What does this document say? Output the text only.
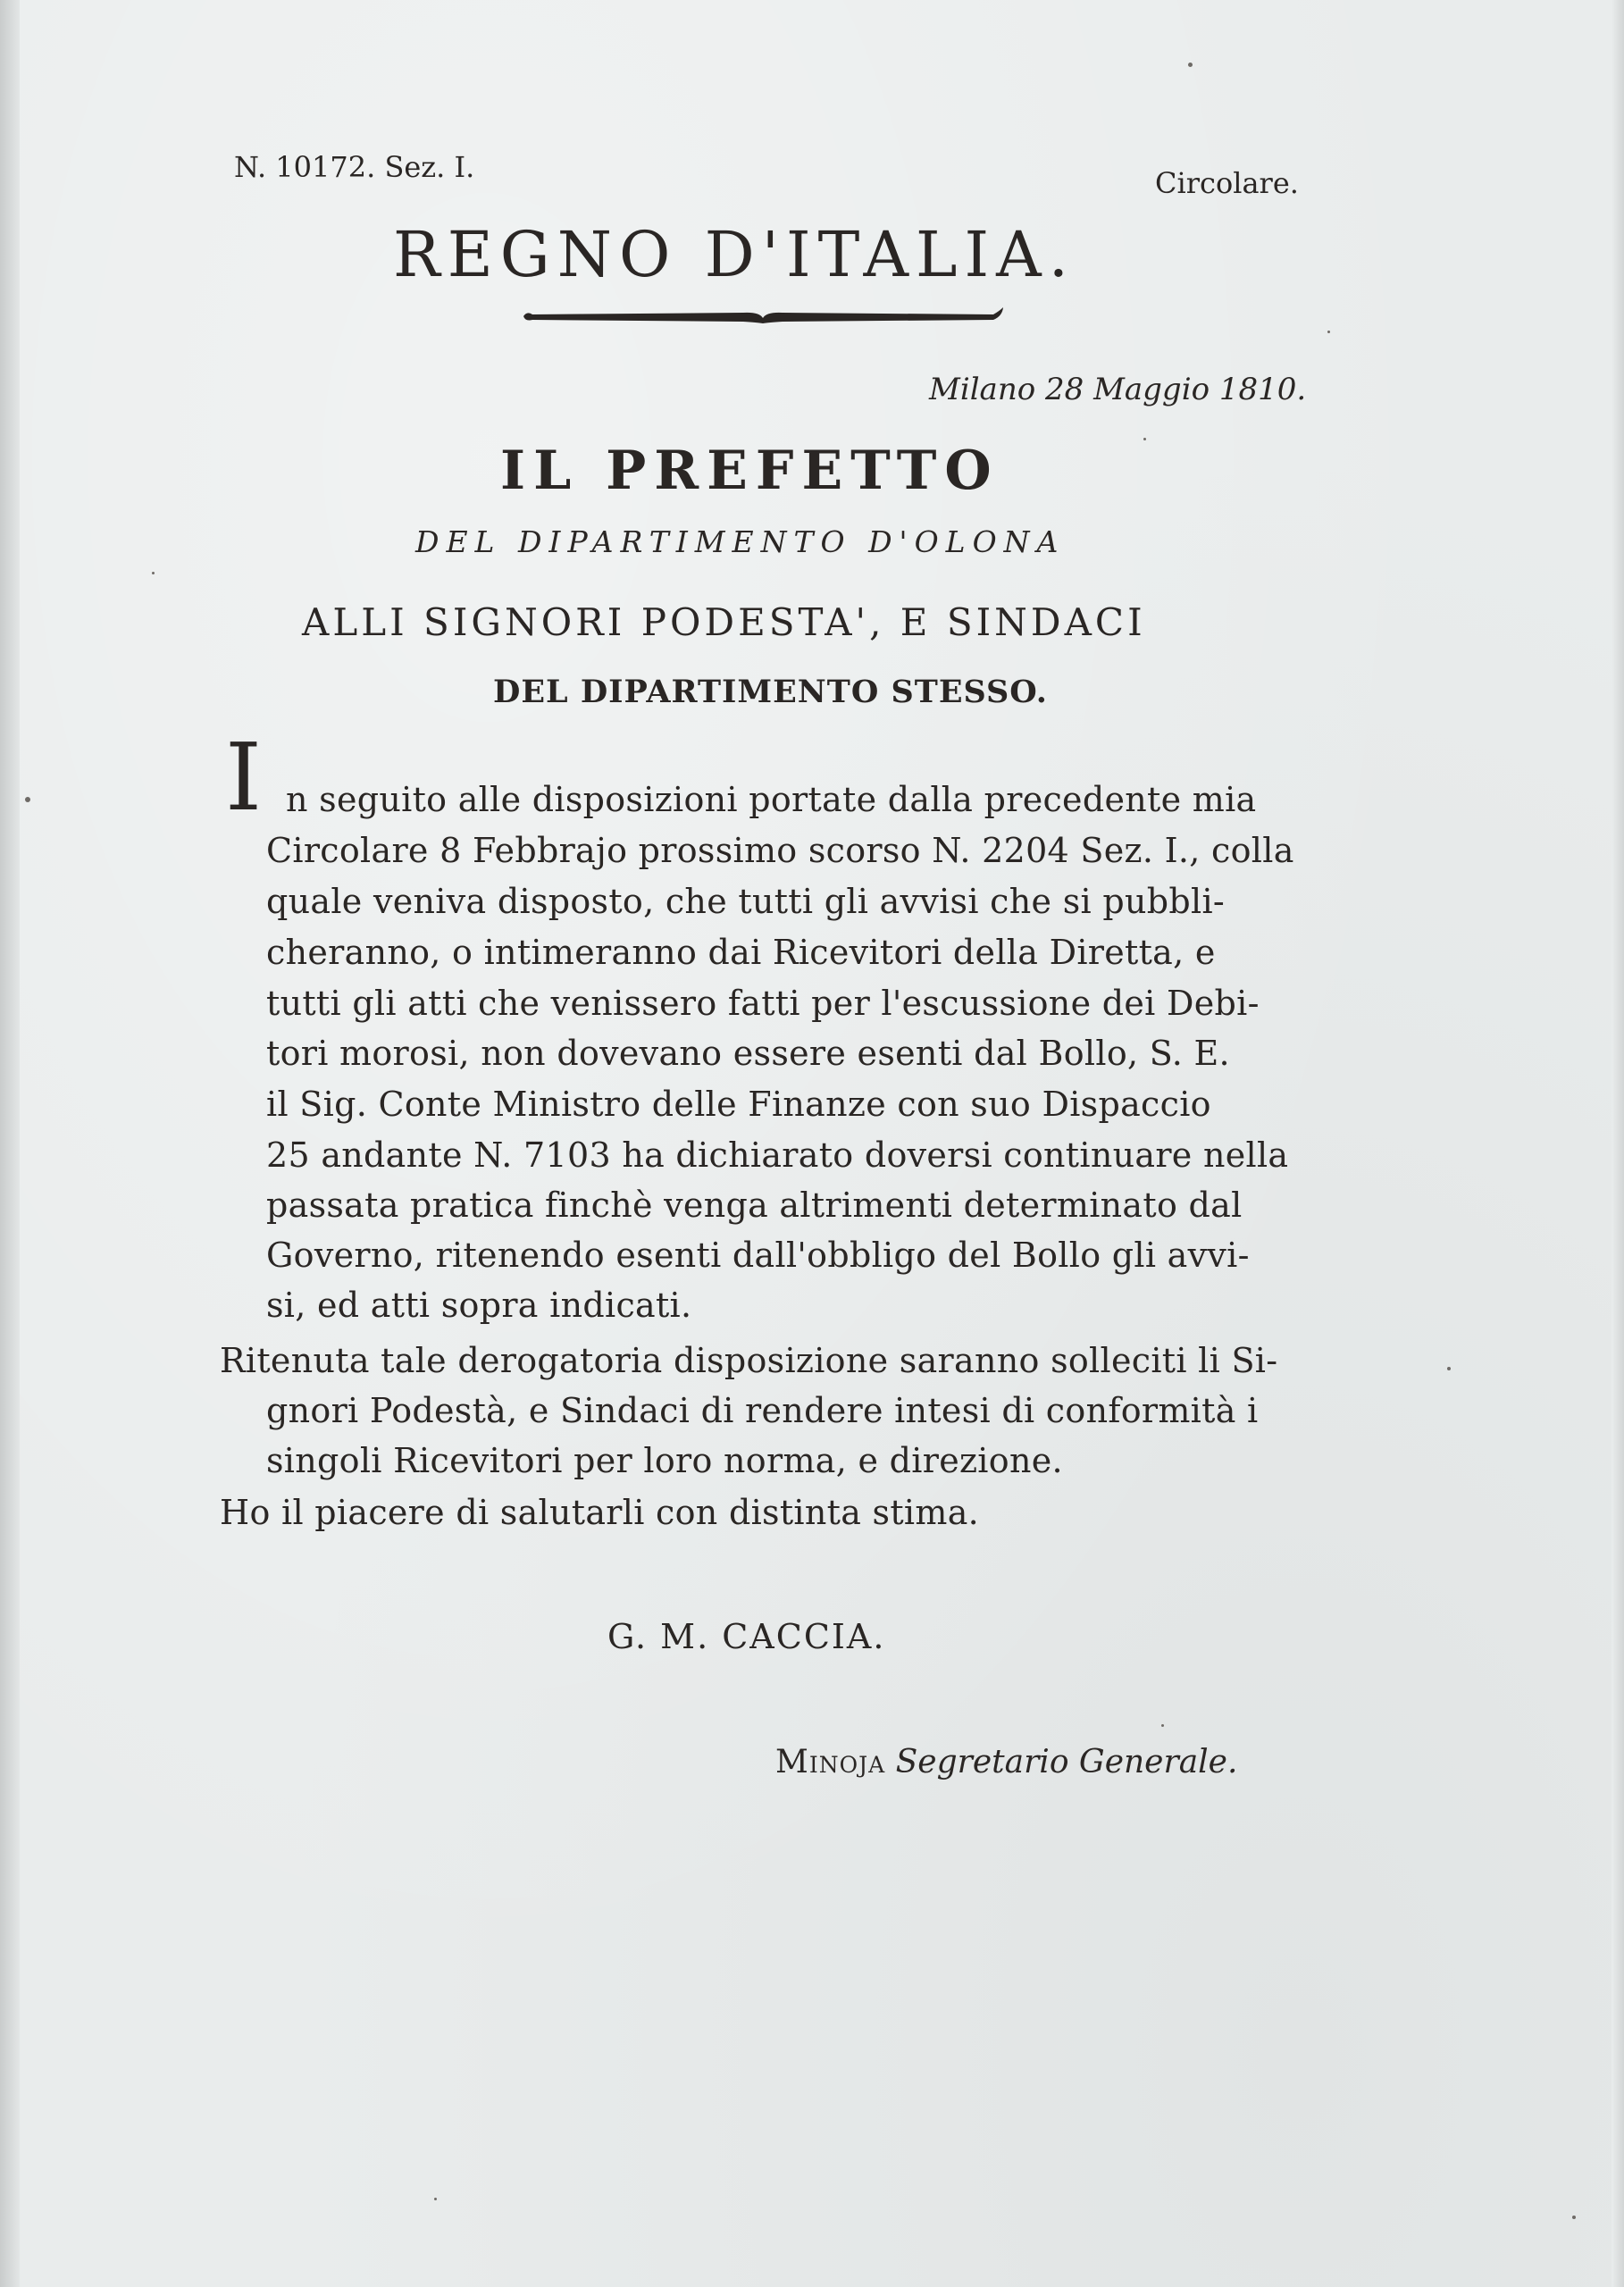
N. 10172. Sez. I.	Circolare.
REGNO D'ITALIA.
Milano 28 Maggio 1810.
IL PREFETTO
DEL DIPARTIMENTO D'OLONA
ALLI SIGNORI PODESTA', E SINDACI
DEL DIPARTIMENTO STESSO.
I n seguito alle disposizioni portate dalla precedente mia
Circolare 8 Febbrajo prossimo scorso N. 2204 Sez. I., colla
quale veniva disposto, che tutti gli avvisi che si pubbli-
cheranno, o intimeranno dai Ricevitori della Diretta, e
tutti gli atti che venissero fatti per l'escussione dei Debi-
tori morosi, non dovevano essere esenti dal Bollo, S. E.
il Sig. Conte Ministro delle Finanze con suo Dispaccio
25 andante N. 7103 ha dichiarato doversi continuare nella
passata pratica finchè venga altrimenti determinato dal
Governo, ritenendo esenti dall'obbligo del Bollo gli avvi-
si, ed atti sopra indicati.
Ritenuta tale derogatoria disposizione saranno solleciti li Si-
gnori Podestà, e Sindaci di rendere intesi di conformità i
singoli Ricevitori per loro norma, e direzione.
Ho il piacere di salutarli con distinta stima.
G. M. CACCIA.
Minoja Segretario Generale.
